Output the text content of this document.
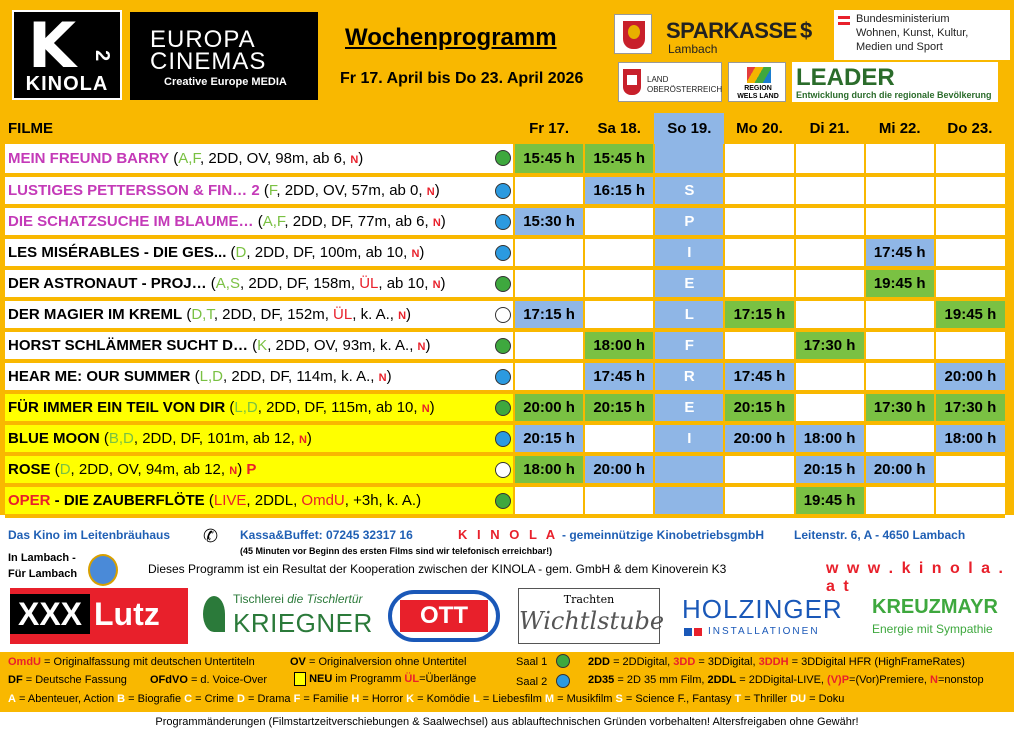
K 2
KINOLA
EUROPA
CINEMAS
Creative Europe MEDIA
Wochenprogramm
Fr 17. April bis Do 23. April 2026
SPARKASSE $
Lambach
Bundesministerium
Wohnen, Kunst, Kultur,
Medien und Sport
LAND
OBERÖSTERREICH	REGION
WELS LAND
LEADER
Entwicklung durch die regionale Bevölkerung
FILME	Fr 17.	Sa 18.	So 19.	Mo 20.	Di 21.	Mi 22.	Do 23.
MEIN FREUND BARRY (A,F, 2DD, OV, 98m, ab 6, N)	15:45 h	15:45 h					
LUSTIGES PETTERSSON & FIN… 2 (F, 2DD, OV, 57m, ab 0, N)		16:15 h	S				
DIE SCHATZSUCHE IM BLAUME… (A,F, 2DD, DF, 77m, ab 6, N)	15:30 h		P				
LES MISÉRABLES - DIE GES... (D, 2DD, DF, 100m, ab 10, N)			I			17:45 h	
DER ASTRONAUT - PROJ… (A,S, 2DD, DF, 158m, ÜL, ab 10, N)			E			19:45 h	
DER MAGIER IM KREML (D,T, 2DD, DF, 152m, ÜL, k. A., N)	17:15 h		L	17:15 h			19:45 h
HORST SCHLÄMMER SUCHT D… (K, 2DD, OV, 93m, k. A., N)		18:00 h	F		17:30 h		
HEAR ME: OUR SUMMER (L,D, 2DD, DF, 114m, k. A., N)		17:45 h	R	17:45 h			20:00 h
FÜR IMMER EIN TEIL VON DIR (L,D, 2DD, DF, 115m, ab 10, N)	20:00 h	20:15 h	E	20:15 h		17:30 h	17:30 h
BLUE MOON (B,D, 2DD, DF, 101m, ab 12, N)	20:15 h		I	20:00 h	18:00 h		18:00 h
ROSE (D, 2DD, OV, 94m, ab 12, N) P	18:00 h	20:00 h			20:15 h	20:00 h	
OPER - DIE ZAUBERFLÖTE (LIVE, 2DDL, OmdU, +3h, k. A.)					19:45 h		
Das Kino im Leitenbräuhaus ✆ Kassa&Buffet: 07245 32317 16
(45 Minuten vor Beginn des ersten Films sind wir telefonisch erreichbar!)
K I N O L A - gemeinnützige KinobetriebsgmbH Leitenstr. 6, A - 4650 Lambach
In Lambach -
Für Lambach	Dieses Programm ist ein Resultat der Kooperation zwischen der KINOLA - gem. GmbH & dem Kinoverein K3	w w w . k i n o l a . a t
XXX Lutz	Tischlerei die Tischlertür
KRIEGNER	OTT
Trachten
Wichtlstube HOLZINGER
INSTALLATIONEN
KREUZMAYR
Energie mit Sympathie
OmdU = Originalfassung mit deutschen Untertiteln	OV = Originalversion ohne Untertitel	Saal 1	2DD = 2DDigital, 3DD = 3DDigital, 3DDH = 3DDigital HFR (HighFrameRates)
DF = Deutsche Fassung OFdVO = d. Voice-Over	NEU im Programm ÜL=Überlänge	Saal 2	2D35 = 2D 35 mm Film, 2DDL = 2DDigital-LIVE, (V)P=(Vor)Premiere, N=nonstop
A = Abenteuer, Action B = Biografie C = Crime D = Drama F = Familie H = Horror K = Komödie L = Liebesfilm M = Musikfilm S = Science F., Fantasy T = Thriller DU = Doku
Programmänderungen (Filmstartzeitverschiebungen & Saalwechsel) aus ablauftechnischen Gründen vorbehalten! Altersfreigaben ohne Gewähr!
